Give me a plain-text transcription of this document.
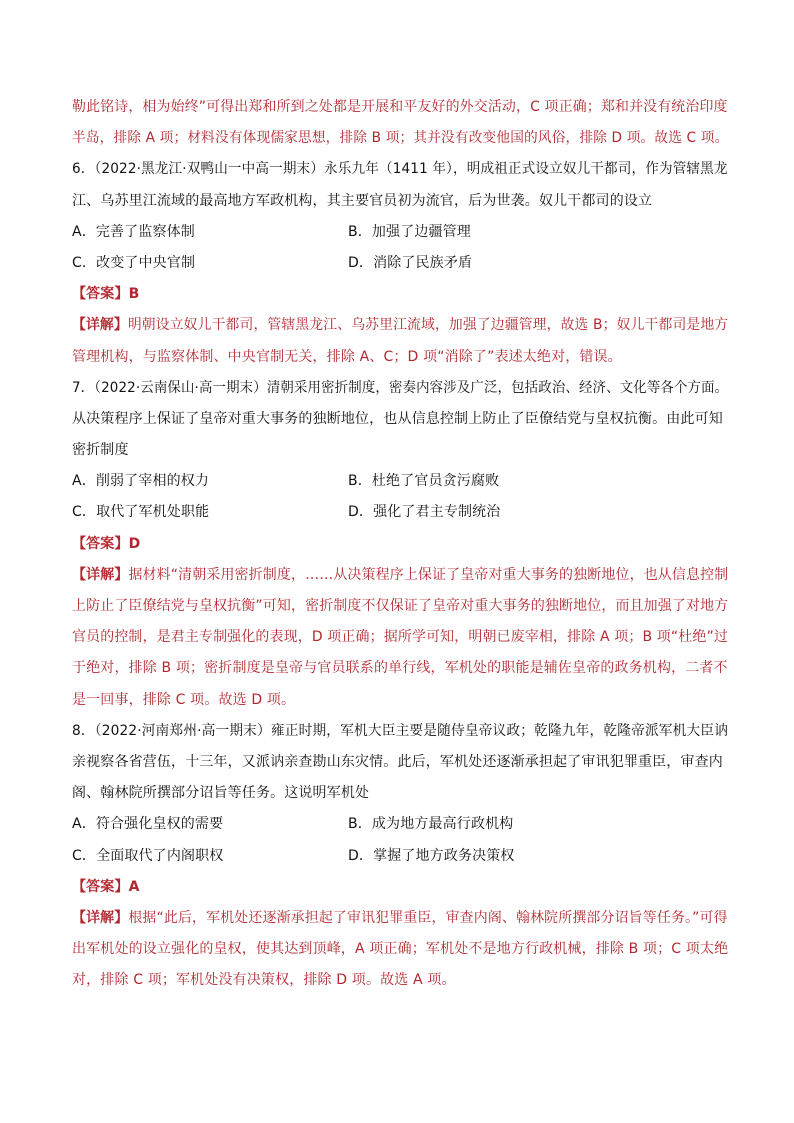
勒此铭诗，相为始终”可得出郑和所到之处都是开展和平友好的外交活动，C 项正确；郑和并没有统治印度
半岛，排除 A 项；材料没有体现儒家思想，排除 B 项；其并没有改变他国的风俗，排除 D 项。故选 C 项。
6．（2022·黑龙江·双鸭山一中高一期末）永乐九年（1411 年），明成祖正式设立奴儿干都司，作为管辖黑龙
江、乌苏里江流域的最高地方军政机构，其主要官员初为流官，后为世袭。奴儿干都司的设立
A．完善了监察体制	B．加强了边疆管理
C．改变了中央官制	D．消除了民族矛盾
【答案】B
【详解】明朝设立奴儿干都司，管辖黑龙江、乌苏里江流域，加强了边疆管理，故选 B；奴儿干都司是地方
管理机构，与监察体制、中央官制无关，排除 A、C；D 项“消除了”表述太绝对，错误。
7．（2022·云南保山·高一期末）清朝采用密折制度，密奏内容涉及广泛，包括政治、经济、文化等各个方面。
从决策程序上保证了皇帝对重大事务的独断地位，也从信息控制上防止了臣僚结党与皇权抗衡。由此可知
密折制度
A．削弱了宰相的权力	B．杜绝了官员贪污腐败
C．取代了军机处职能	D．强化了君主专制统治
【答案】D
【详解】据材料“清朝采用密折制度，……从决策程序上保证了皇帝对重大事务的独断地位，也从信息控制
上防止了臣僚结党与皇权抗衡”可知，密折制度不仅保证了皇帝对重大事务的独断地位，而且加强了对地方
官员的控制，是君主专制强化的表现，D 项正确；据所学可知，明朝已废宰相，排除 A 项；B 项“杜绝”过
于绝对，排除 B 项；密折制度是皇帝与官员联系的单行线，军机处的职能是辅佐皇帝的政务机构，二者不
是一回事，排除 C 项。故选 D 项。
8．（2022·河南郑州·高一期末）雍正时期，军机大臣主要是随侍皇帝议政；乾隆九年，乾隆帝派军机大臣讷
亲视察各省营伍，十三年，又派讷亲查勘山东灾情。此后，军机处还逐渐承担起了审讯犯罪重臣，审查内
阁、翰林院所撰部分诏旨等任务。这说明军机处
A．符合强化皇权的需要	B．成为地方最高行政机构
C．全面取代了内阁职权	D．掌握了地方政务决策权
【答案】A
【详解】根据“此后，军机处还逐渐承担起了审讯犯罪重臣，审查内阁、翰林院所撰部分诏旨等任务。”可得
出军机处的设立强化的皇权，使其达到顶峰，A 项正确；军机处不是地方行政机械，排除 B 项；C 项太绝
对，排除 C 项；军机处没有决策权，排除 D 项。故选 A 项。
